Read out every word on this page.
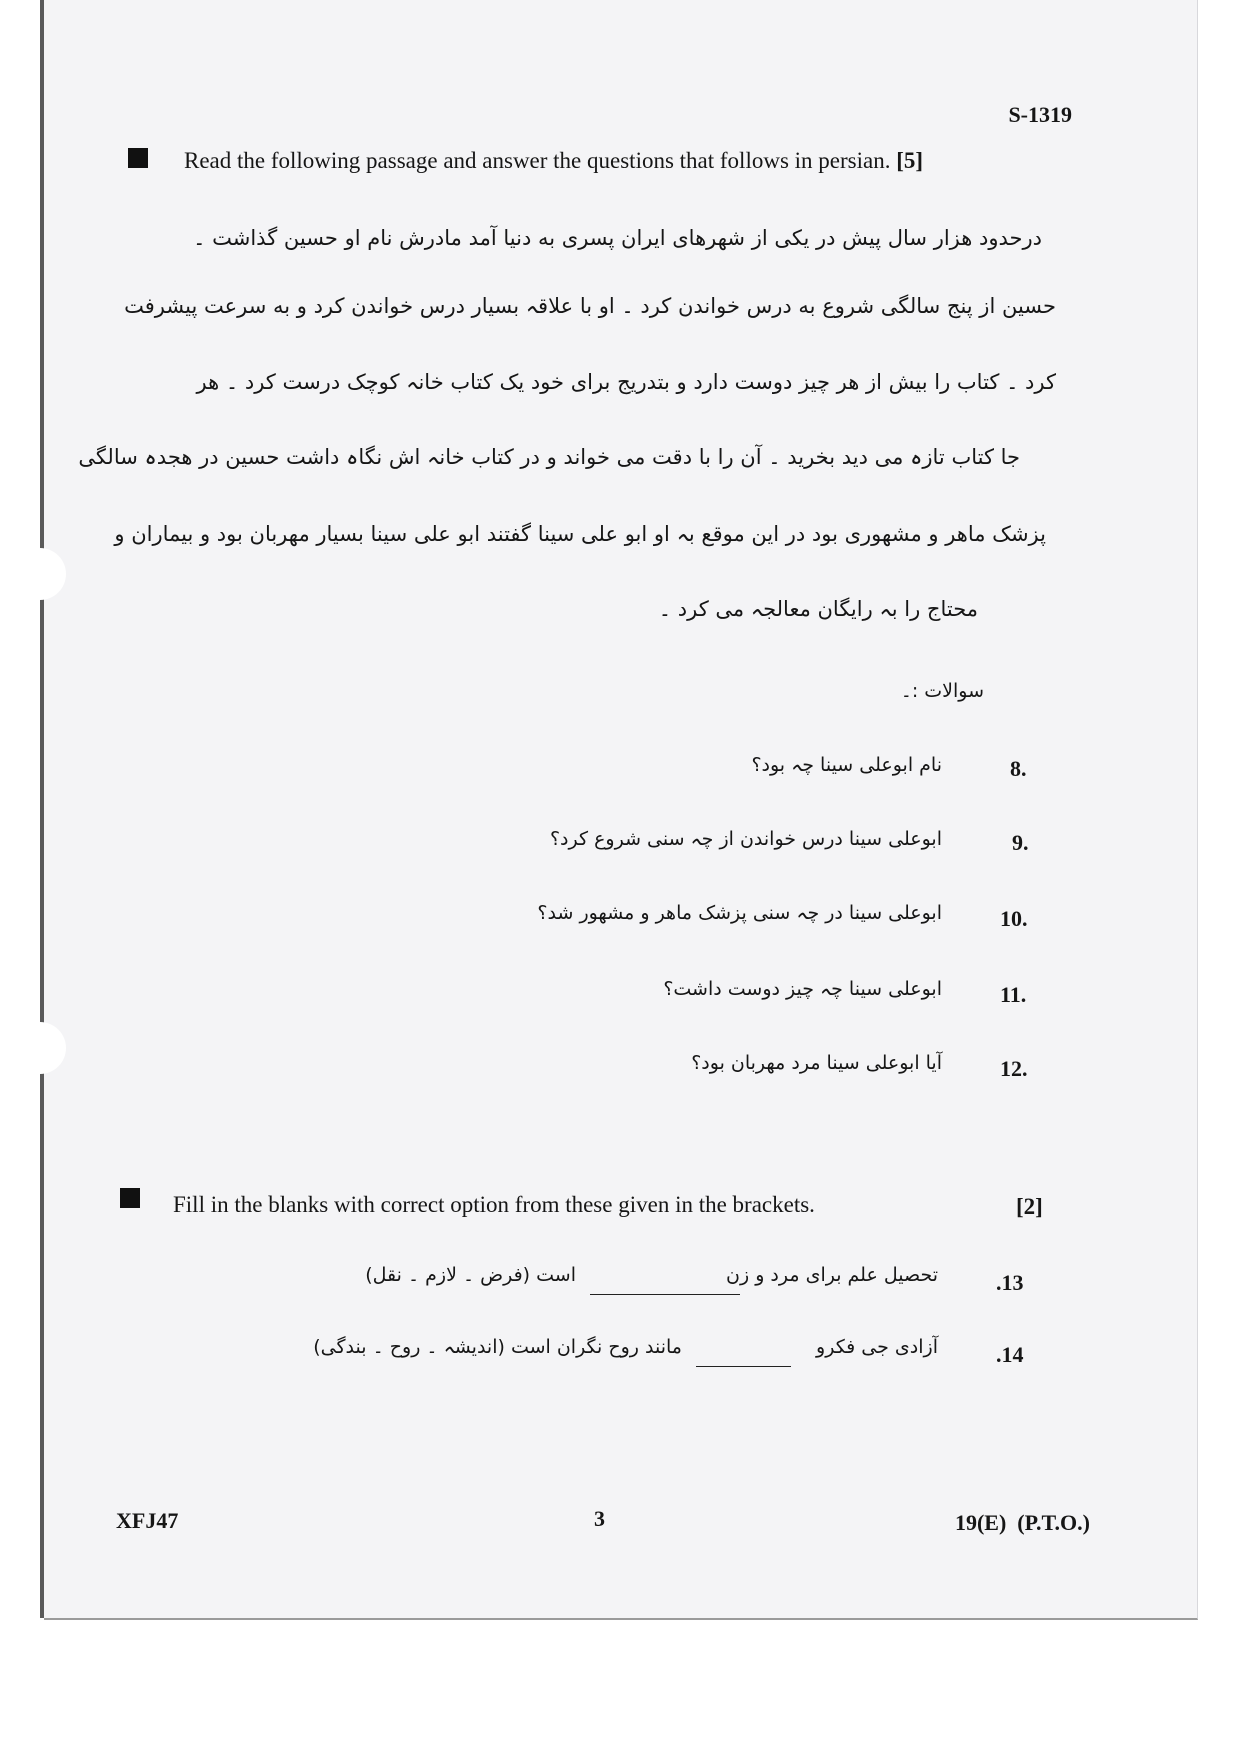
S-1319
Read the following passage and answer the questions that follows in persian. [5]
درحدود هزار سال پیش در یکی از شهرهای ایران پسری به دنیا آمد مادرش نام او حسین گذاشت ۔
حسین از پنج سالگی شروع به درس خواندن کرد ۔ او با علاقہ بسیار درس خواندن کرد و به سرعت پیشرفت
کرد ۔ کتاب را بیش از هر چیز دوست دارد و بتدریج برای خود یک کتاب خانہ کوچک درست کرد ۔ هر
جا کتاب تازہ می دید بخرید ۔ آن را با دقت می خواند و در کتاب خانہ اش نگاہ داشت حسین در هجدہ سالگی
پزشک ماهر و مشهوری بود در این موقع بہ او ابو علی سینا گفتند ابو علی سینا بسیار مهربان بود و بیماران و
محتاج را بہ رایگان معالجہ می کرد ۔
سوالات :۔
8.
نام ابوعلی سینا چہ بود؟
9.
ابوعلی سینا درس خواندن از چہ سنی شروع کرد؟
10.
ابوعلی سینا در چہ سنی پزشک ماهر و مشهور شد؟
11.
ابوعلی سینا چہ چیز دوست داشت؟
12.
آیا ابوعلی سینا مرد مهربان بود؟
Fill in the blanks with correct option from these given in the brackets.	[2]
.13
تحصیل علم برای مرد و زن
است (فرض ۔ لازم ۔ نقل)
.14
آزادی جی فکرو
مانند روح نگران است (اندیشہ ۔ روح ۔ بندگی)
XFJ47	3	19(E)  (P.T.O.)
